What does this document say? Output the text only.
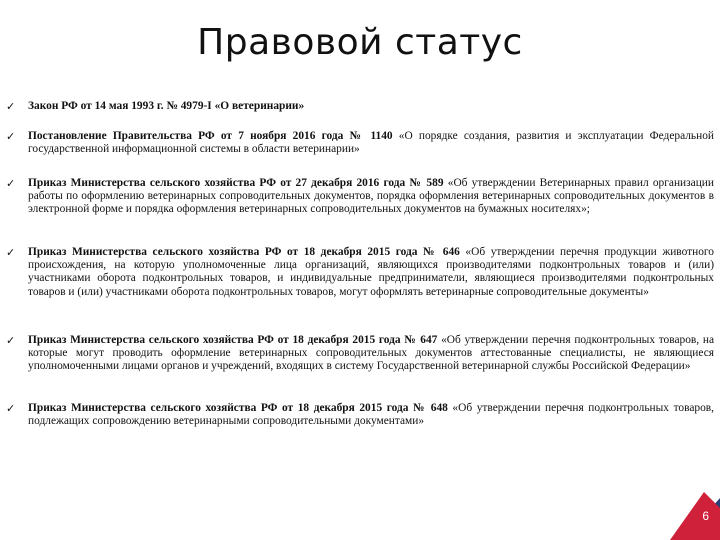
Правовой статус
✓ Закон РФ от 14 мая 1993 г. № 4979-I «О ветеринарии»
✓ Постановление Правительства РФ от 7 ноября 2016 года № 1140 «О порядке создания, развития и эксплуатации Федеральной государственной информационной системы в области ветеринарии»
✓ Приказ Министерства сельского хозяйства РФ от 27 декабря 2016 года № 589 «Об утверждении Ветеринарных правил организации работы по оформлению ветеринарных сопроводительных документов, порядка оформления ветеринарных сопроводительных документов в электронной форме и порядка оформления ветеринарных сопроводительных документов на бумажных носителях»;
✓ Приказ Министерства сельского хозяйства РФ от 18 декабря 2015 года № 646 «Об утверждении перечня продукции животного происхождения, на которую уполномоченные лица организаций, являющихся производителями подконтрольных товаров и (или) участниками оборота подконтрольных товаров, и индивидуальные предприниматели, являющиеся производителями подконтрольных товаров и (или) участниками оборота подконтрольных товаров, могут оформлять ветеринарные сопроводительные документы»
✓ Приказ Министерства сельского хозяйства РФ от 18 декабря 2015 года № 647 «Об утверждении перечня подконтрольных товаров, на которые могут проводить оформление ветеринарных сопроводительных документов аттестованные специалисты, не являющиеся уполномоченными лицами органов и учреждений, входящих в систему Государственной ветеринарной службы Российской Федерации»
✓ Приказ Министерства сельского хозяйства РФ от 18 декабря 2015 года № 648 «Об утверждении перечня подконтрольных товаров, подлежащих сопровождению ветеринарными сопроводительными документами»
6
